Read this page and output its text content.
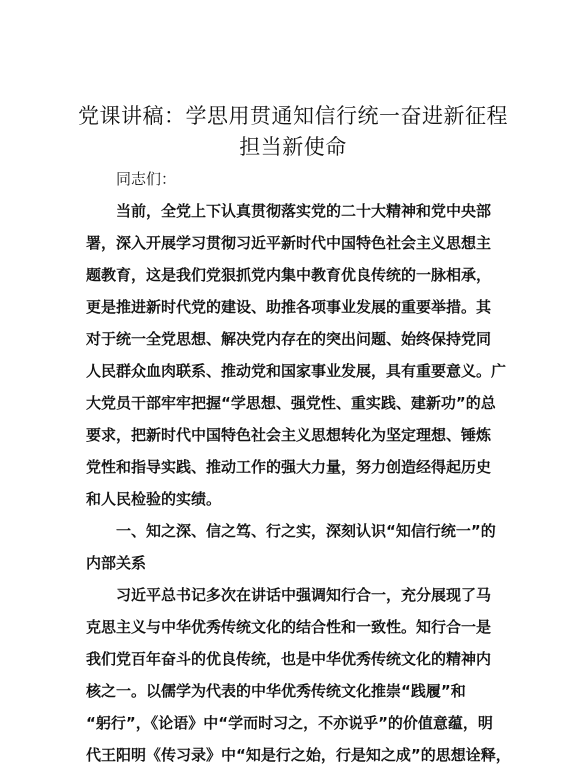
党课讲稿：学思用贯通知信行统一奋进新征程
担当新使命
同志们：
当前，全党上下认真贯彻落实党的二十大精神和党中央部
署，深入开展学习贯彻习近平新时代中国特色社会主义思想主
题教育，这是我们党狠抓党内集中教育优良传统的一脉相承，
更是推进新时代党的建设、助推各项事业发展的重要举措。其
对于统一全党思想、解决党内存在的突出问题、始终保持党同
人民群众血肉联系、推动党和国家事业发展，具有重要意义。广
大党员干部牢牢把握“学思想、强党性、重实践、建新功”的总
要求，把新时代中国特色社会主义思想转化为坚定理想、锤炼
党性和指导实践、推动工作的强大力量，努力创造经得起历史
和人民检验的实绩。
一、知之深、信之笃、行之实，深刻认识“知信行统一”的
内部关系
习近平总书记多次在讲话中强调知行合一，充分展现了马
克思主义与中华优秀传统文化的结合性和一致性。知行合一是
我们党百年奋斗的优良传统，也是中华优秀传统文化的精神内
核之一。以儒学为代表的中华优秀传统文化推崇“践履”和
“躬行”，《论语》中“学而时习之，不亦说乎”的价值意蕴，明
代王阳明《传习录》中“知是行之始，行是知之成”的思想诠释，
